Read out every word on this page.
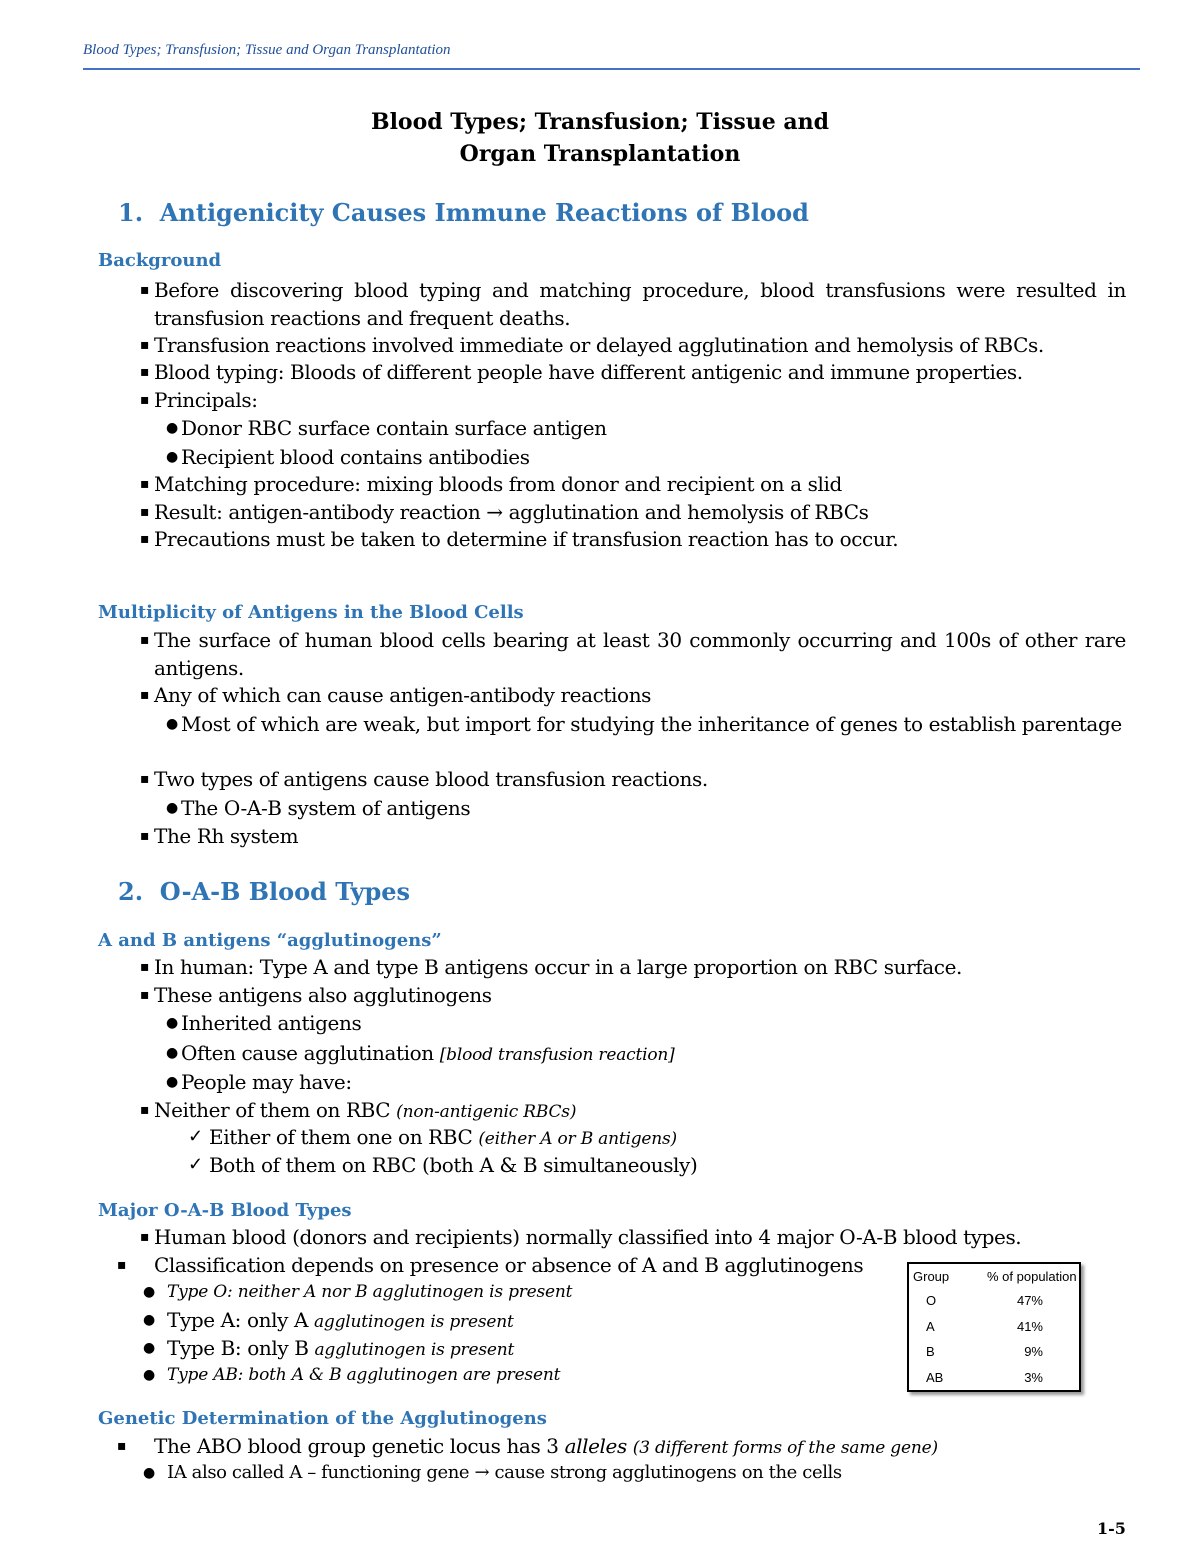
Blood Types; Transfusion; Tissue and Organ Transplantation
Blood Types; Transfusion; Tissue and
Organ Transplantation
1. Antigenicity Causes Immune Reactions of Blood
Background
▪ Before discovering blood typing and matching procedure, blood transfusions were resulted in transfusion reactions and frequent deaths.
▪ Transfusion reactions involved immediate or delayed agglutination and hemolysis of RBCs.
▪ Blood typing: Bloods of different people have different antigenic and immune properties.
▪ Principals:
● Donor RBC surface contain surface antigen
● Recipient blood contains antibodies
▪ Matching procedure: mixing bloods from donor and recipient on a slid
▪ Result: antigen-antibody reaction → agglutination and hemolysis of RBCs
▪ Precautions must be taken to determine if transfusion reaction has to occur.
Multiplicity of Antigens in the Blood Cells
▪ The surface of human blood cells bearing at least 30 commonly occurring and 100s of other rare antigens.
▪ Any of which can cause antigen-antibody reactions
● Most of which are weak, but import for studying the inheritance of genes to establish parentage
▪ Two types of antigens cause blood transfusion reactions.
● The O-A-B system of antigens
▪ The Rh system
2. O-A-B Blood Types
A and B antigens “agglutinogens”
▪ In human: Type A and type B antigens occur in a large proportion on RBC surface.
▪ These antigens also agglutinogens
● Inherited antigens
● Often cause agglutination [blood transfusion reaction]
● People may have:
▪ Neither of them on RBC (non-antigenic RBCs)
✓ Either of them one on RBC (either A or B antigens)
✓ Both of them on RBC (both A & B simultaneously)
Major O-A-B Blood Types
▪ Human blood (donors and recipients) normally classified into 4 major O-A-B blood types.
▪ Classification depends on presence or absence of A and B agglutinogens
● Type O: neither A nor B agglutinogen is present
● Type A: only A agglutinogen is present
● Type B: only B agglutinogen is present
● Type AB: both A & B agglutinogen are present
Group	% of population
O	47%
A	41%
B	9%
AB	3%
Genetic Determination of the Agglutinogens
▪ The ABO blood group genetic locus has 3 alleles (3 different forms of the same gene)
● IA also called A – functioning gene → cause strong agglutinogens on the cells
1-5
